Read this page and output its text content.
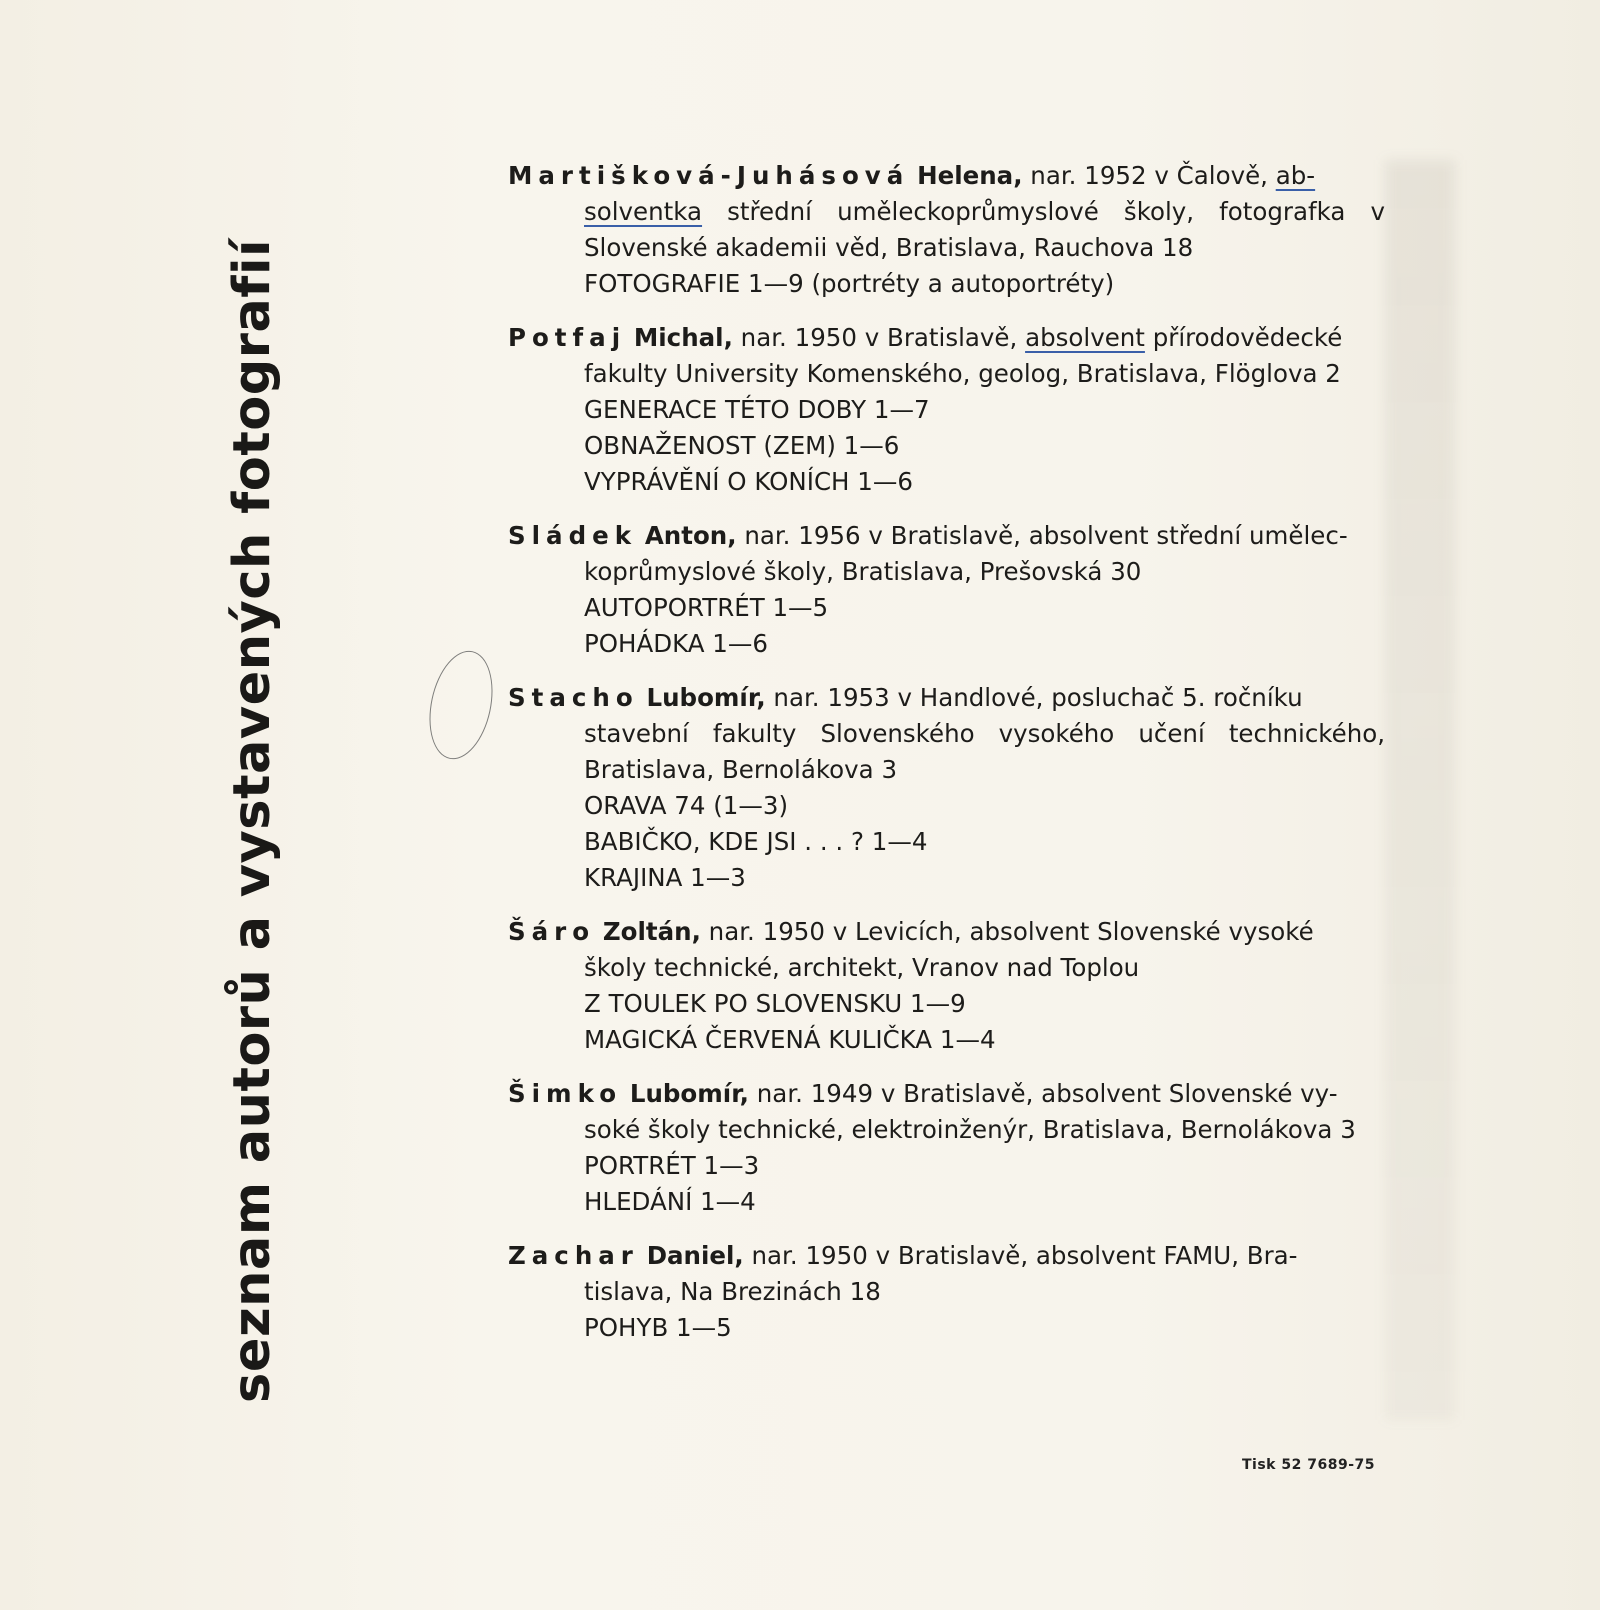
seznam autorů a vystavených fotografií

Martišková-Juhásová Helena, nar. 1952 v Čalově, ab-

solventka střední uměleckoprůmyslové školy, fotografka v Slovenské akademii věd, Bratislava, Rauchova 18

FOTOGRAFIE 1—9 (portréty a autoportréty)

Potfaj Michal, nar. 1950 v Bratislavě, absolvent přírodovědecké

fakulty University Komenského, geolog, Bratislava, Flöglova 2

GENERACE TÉTO DOBY 1—7
OBNAŽENOST (ZEM) 1—6
VYPRÁVĚNÍ O KONÍCH 1—6

Sládek Anton, nar. 1956 v Bratislavě, absolvent střední umělec-

koprůmyslové školy, Bratislava, Prešovská 30

AUTOPORTRÉT 1—5
POHÁDKA 1—6

Stacho Lubomír, nar. 1953 v Handlové, posluchač 5. ročníku

stavební fakulty Slovenského vysokého učení technického, Bratislava, Bernolákova 3

ORAVA 74 (1—3)
BABIČKO, KDE JSI . . . ? 1—4
KRAJINA 1—3

Šáro Zoltán, nar. 1950 v Levicích, absolvent Slovenské vysoké

školy technické, architekt, Vranov nad Toplou

Z TOULEK PO SLOVENSKU 1—9
MAGICKÁ ČERVENÁ KULIČKA 1—4

Šimko Lubomír, nar. 1949 v Bratislavě, absolvent Slovenské vy-

soké školy technické, elektroinženýr, Bratislava, Bernolákova 3

PORTRÉT 1—3
HLEDÁNÍ 1—4

Zachar Daniel, nar. 1950 v Bratislavě, absolvent FAMU, Bra-

tislava, Na Brezinách 18

POHYB 1—5
Tisk 52 7689-75
